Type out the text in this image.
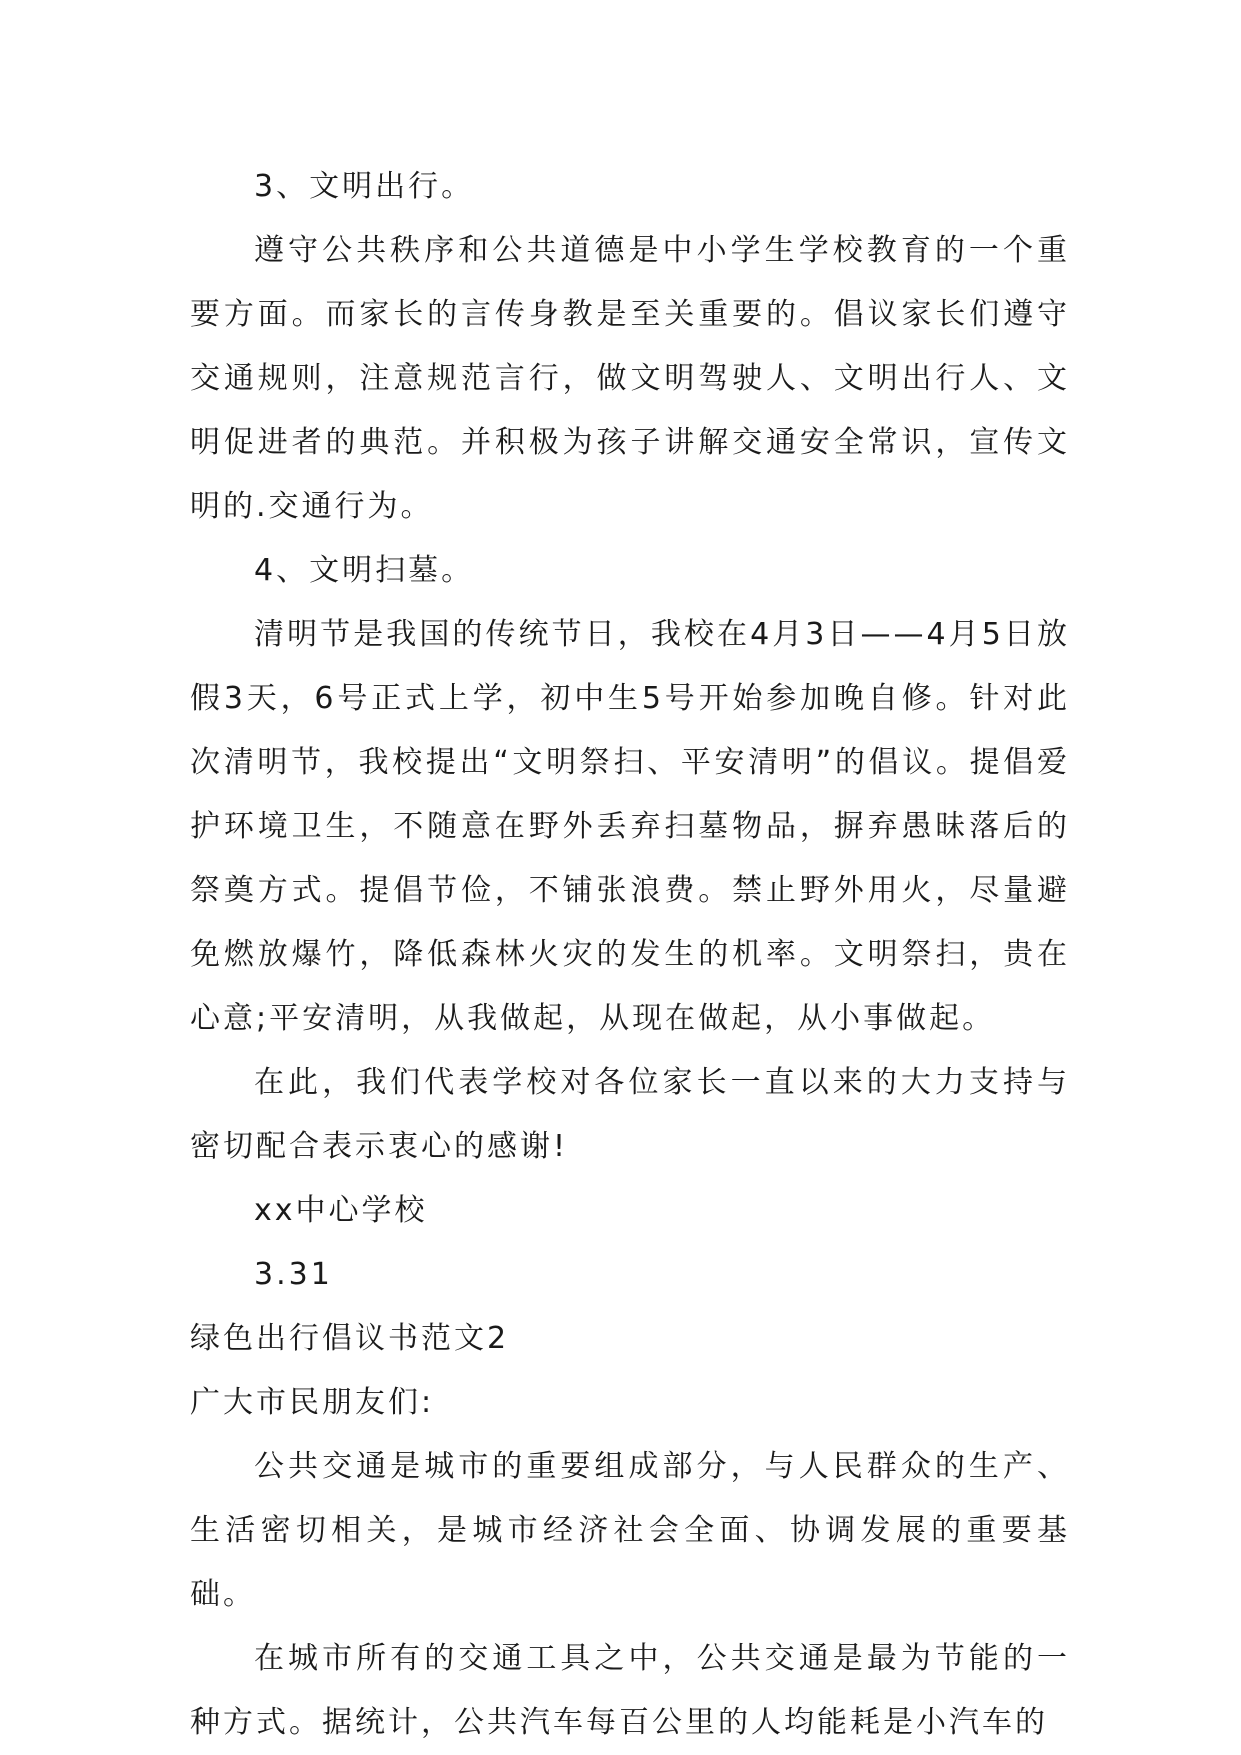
3、文明出行。

遵守公共秩序和公共道德是中小学生学校教育的一个重要方面。而家长的言传身教是至关重要的。倡议家长们遵守交通规则，注意规范言行，做文明驾驶人、文明出行人、文明促进者的典范。并积极为孩子讲解交通安全常识，宣传文明的.交通行为。

4、文明扫墓。

清明节是我国的传统节日，我校在4月3日——4月5日放假3天，6号正式上学，初中生5号开始参加晚自修。针对此次清明节，我校提出“文明祭扫、平安清明”的倡议。提倡爱护环境卫生，不随意在野外丢弃扫墓物品，摒弃愚昧落后的祭奠方式。提倡节俭，不铺张浪费。禁止野外用火，尽量避免燃放爆竹，降低森林火灾的发生的机率。文明祭扫，贵在心意;平安清明，从我做起，从现在做起，从小事做起。

在此，我们代表学校对各位家长一直以来的大力支持与密切配合表示衷心的感谢!

xx中心学校

3.31

绿色出行倡议书范文2

广大市民朋友们:

公共交通是城市的重要组成部分，与人民群众的生产、生活密切相关，是城市经济社会全面、协调发展的重要基础。

在城市所有的交通工具之中，公共交通是最为节能的一种方式。据统计，公共汽车每百公里的人均能耗是小汽车的
